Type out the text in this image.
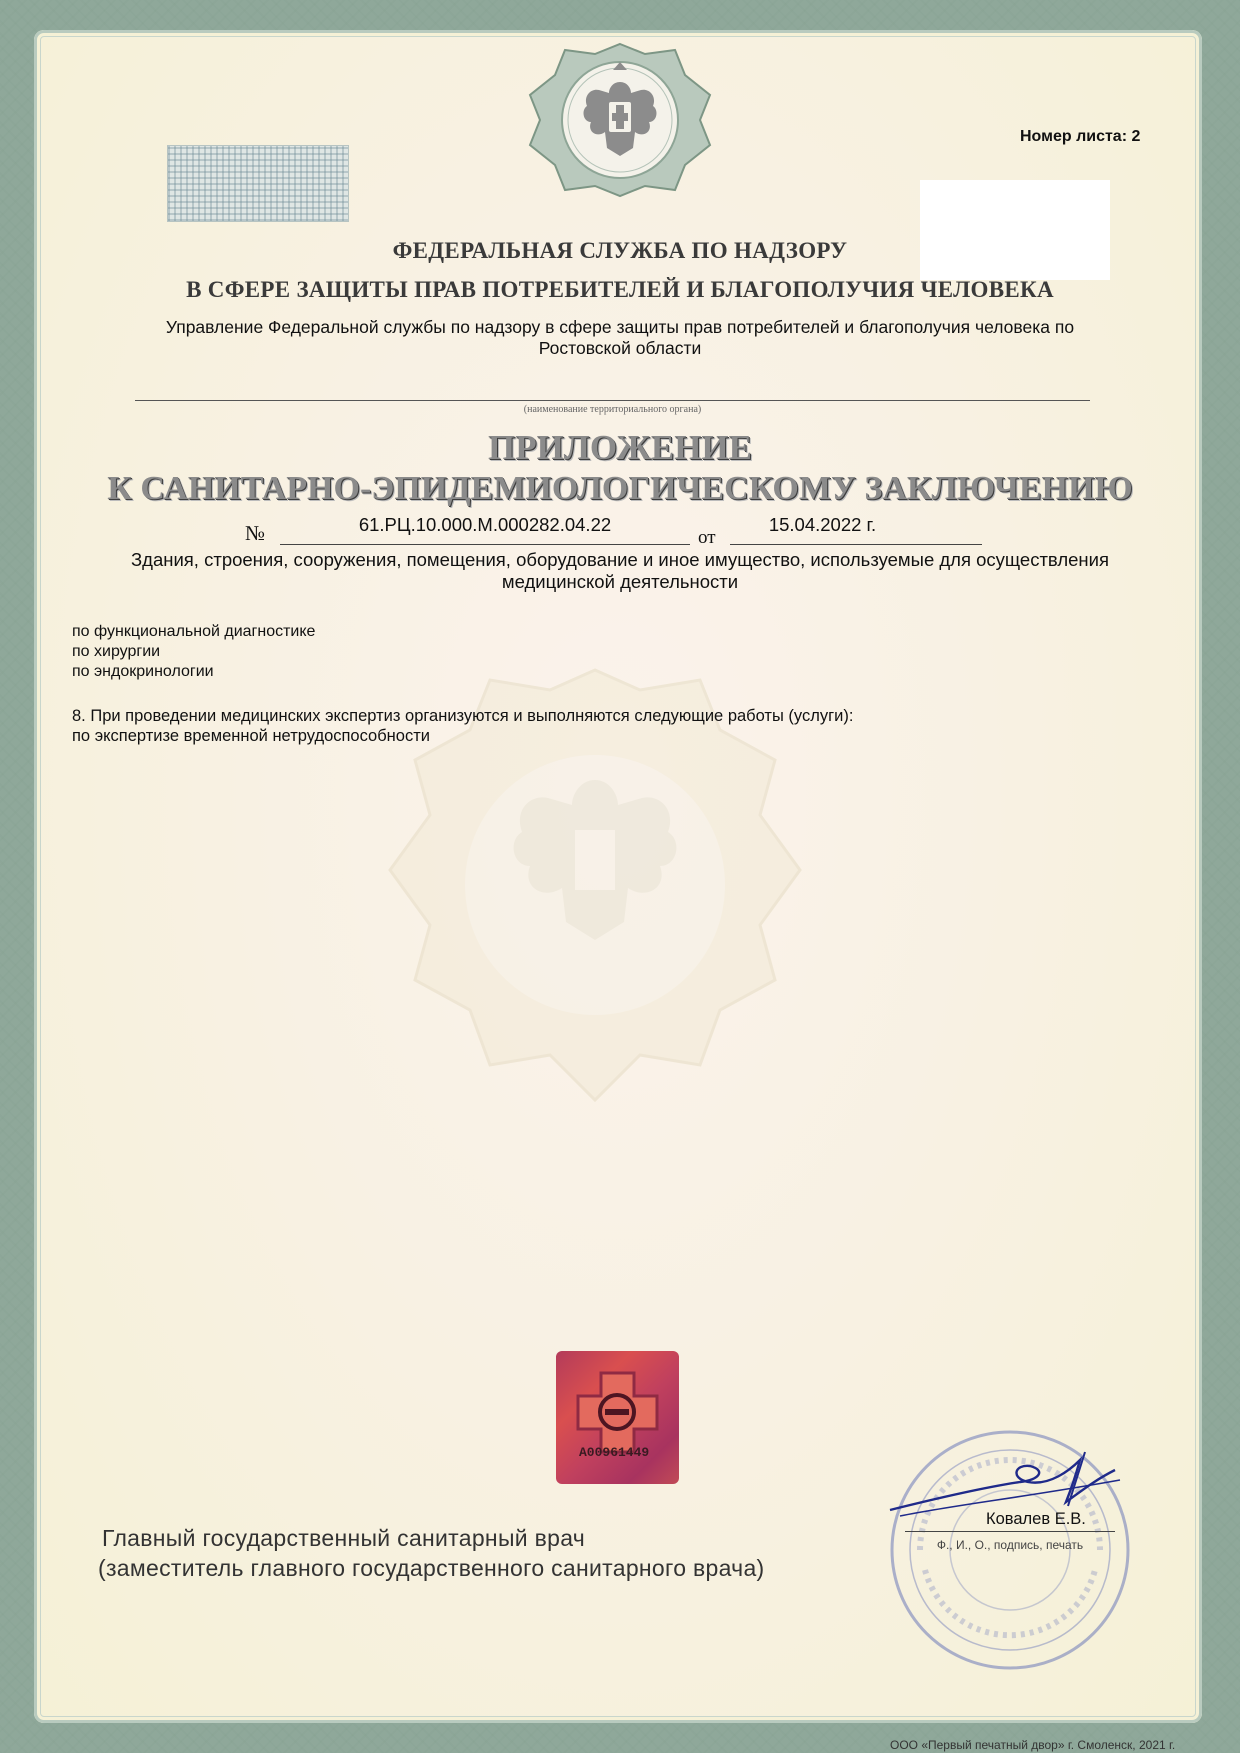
Номер листа: 2
ФЕДЕРАЛЬНАЯ СЛУЖБА ПО НАДЗОРУ
В СФЕРЕ ЗАЩИТЫ ПРАВ ПОТРЕБИТЕЛЕЙ И БЛАГОПОЛУЧИЯ ЧЕЛОВЕКА
Управление Федеральной службы по надзору в сфере защиты прав потребителей и благополучия человека по Ростовской области
(наименование территориального органа)
ПРИЛОЖЕНИЕ
К САНИТАРНО-ЭПИДЕМИОЛОГИЧЕСКОМУ ЗАКЛЮЧЕНИЮ
№	61.РЦ.10.000.М.000282.04.22
от
15.04.2022 г.
Здания, строения, сооружения, помещения, оборудование и иное имущество, используемые для осуществления медицинской деятельности
по функциональной диагностике
по хирургии
по эндокринологии
8. При проведении медицинских экспертиз организуются и выполняются следующие работы (услуги):
по экспертизе временной нетрудоспособности
А00961449
Главный государственный санитарный врач
(заместитель главного государственного санитарного врача)
Ковалев Е.В.
Ф., И., О., подпись, печать
ООО «Первый печатный двор» г. Смоленск, 2021 г.
